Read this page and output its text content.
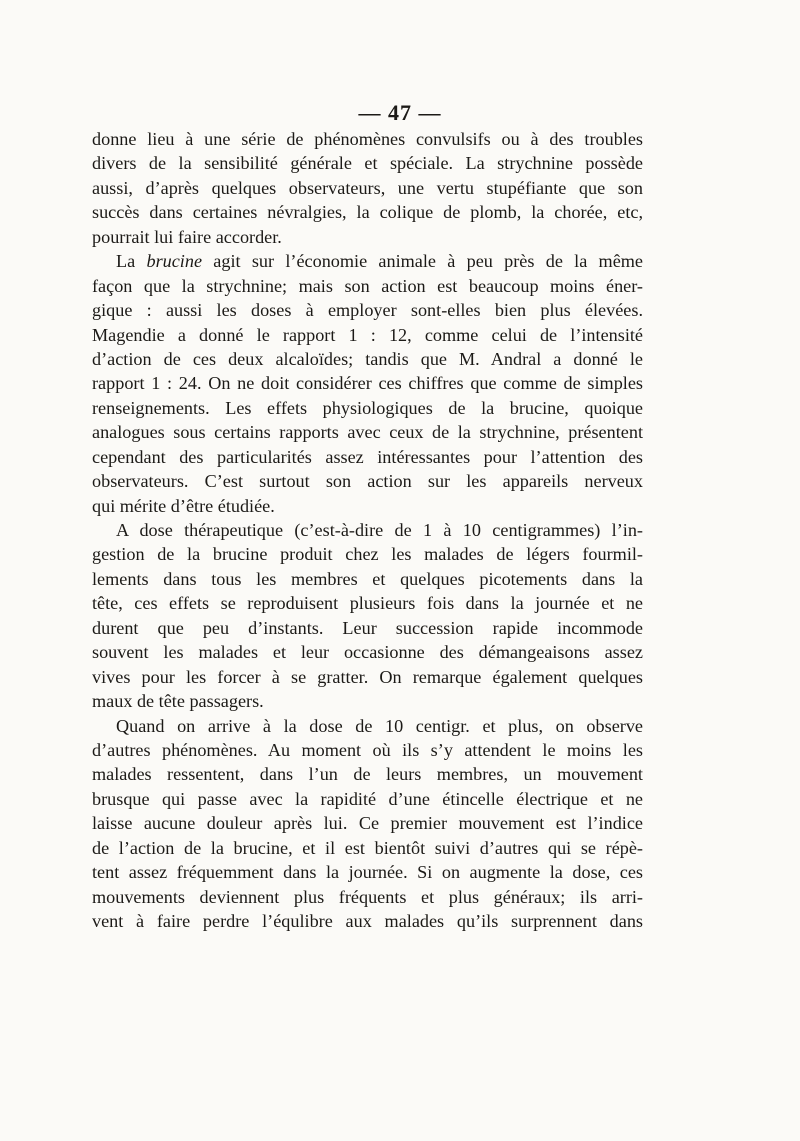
— 47 —
donne lieu à une série de phénomènes convulsifs ou à des troubles
divers de la sensibilité générale et spéciale. La strychnine possède
aussi, d’après quelques observateurs, une vertu stupéfiante que son
succès dans certaines névralgies, la colique de plomb, la chorée, etc,
pourrait lui faire accorder.
La brucine agit sur l’économie animale à peu près de la même
façon que la strychnine; mais son action est beaucoup moins éner-
gique : aussi les doses à employer sont-elles bien plus élevées.
Magendie a donné le rapport 1 : 12, comme celui de l’intensité
d’action de ces deux alcaloïdes; tandis que M. Andral a donné le
rapport 1 : 24. On ne doit considérer ces chiffres que comme de simples
renseignements. Les effets physiologiques de la brucine, quoique
analogues sous certains rapports avec ceux de la strychnine, présentent
cependant des particularités assez intéressantes pour l’attention des
observateurs. C’est surtout son action sur les appareils nerveux
qui mérite d’être étudiée.
A dose thérapeutique (c’est-à-dire de 1 à 10 centigrammes) l’in-
gestion de la brucine produit chez les malades de légers fourmil-
lements dans tous les membres et quelques picotements dans la
tête, ces effets se reproduisent plusieurs fois dans la journée et ne
durent que peu d’instants. Leur succession rapide incommode
souvent les malades et leur occasionne des démangeaisons assez
vives pour les forcer à se gratter. On remarque également quelques
maux de tête passagers.
Quand on arrive à la dose de 10 centigr. et plus, on observe
d’autres phénomènes. Au moment où ils s’y attendent le moins les
malades ressentent, dans l’un de leurs membres, un mouvement
brusque qui passe avec la rapidité d’une étincelle électrique et ne
laisse aucune douleur après lui. Ce premier mouvement est l’indice
de l’action de la brucine, et il est bientôt suivi d’autres qui se répè-
tent assez fréquemment dans la journée. Si on augmente la dose, ces
mouvements deviennent plus fréquents et plus généraux; ils arri-
vent à faire perdre l’équlibre aux malades qu’ils surprennent dans
